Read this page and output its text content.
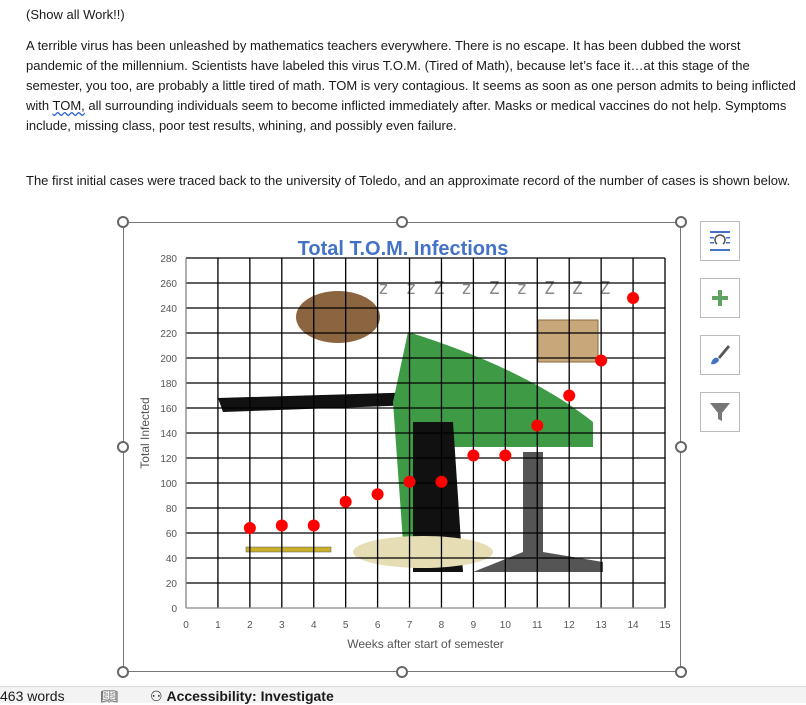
(Show all Work!!)
A terrible virus has been unleashed by mathematics teachers everywhere. There is no escape. It has been dubbed the worst pandemic of the millennium. Scientists have labeled this virus T.O.M. (Tired of Math), because let’s face it…at this stage of the semester, you too, are probably a little tired of math. TOM is very contagious. It seems as soon as one person admits to being inflicted with TOM, all surrounding individuals seem to become inflicted immediately after. Masks or medical vaccines do not help. Symptoms include, missing class, poor test results, whining, and possibly even failure.
The first initial cases were traced back to the university of Toledo, and an approximate record of the number of cases is shown below.
z z Z z Z z Z Z Z
0	1	2	3	4	5	6	7	8	9 10 11 12 13 14 15
0
20
40
60
80
100
120
140
160
180
200
220
240
260
280
Weeks after start of semester
Total Infected
Total T.O.M. Infections
463 words	📖︎ ⚇ Accessibility: Investigate
